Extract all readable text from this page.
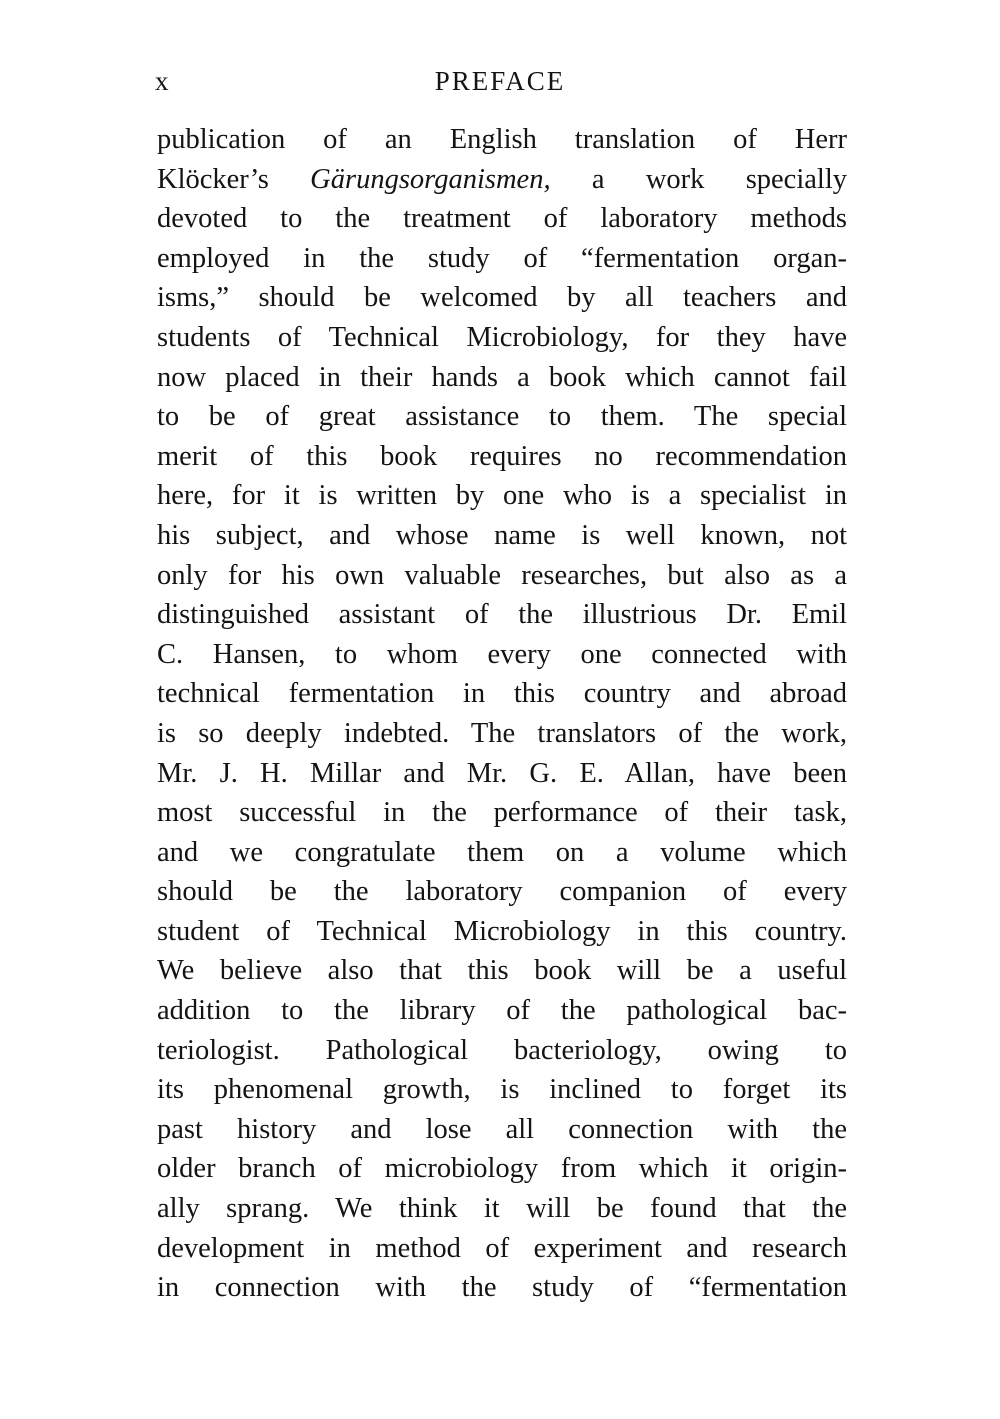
x	PREFACE
publication of an English translation of Herr
Klöcker’s Gärungsorganismen, a work specially
devoted to the treatment of laboratory methods
employed in the study of “fermentation organ-
isms,” should be welcomed by all teachers and
students of Technical Microbiology, for they have
now placed in their hands a book which cannot fail
to be of great assistance to them. The special
merit of this book requires no recommendation
here, for it is written by one who is a specialist in
his subject, and whose name is well known, not
only for his own valuable researches, but also as a
distinguished assistant of the illustrious Dr. Emil
C. Hansen, to whom every one connected with
technical fermentation in this country and abroad
is so deeply indebted. The translators of the work,
Mr. J. H. Millar and Mr. G. E. Allan, have been
most successful in the performance of their task,
and we congratulate them on a volume which
should be the laboratory companion of every
student of Technical Microbiology in this country.
We believe also that this book will be a useful
addition to the library of the pathological bac-
teriologist. Pathological bacteriology, owing to
its phenomenal growth, is inclined to forget its
past history and lose all connection with the
older branch of microbiology from which it origin-
ally sprang. We think it will be found that the
development in method of experiment and research
in connection with the study of “fermentation
